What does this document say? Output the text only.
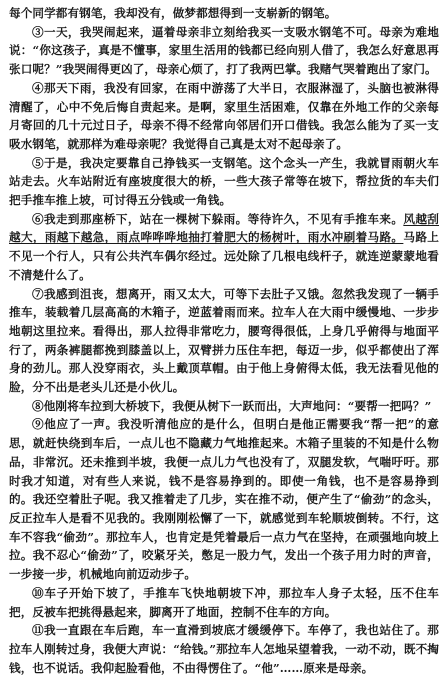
每个同学都有钢笔，我却没有，做梦都想得到一支崭新的钢笔。

③一天，我哭闹起来，逼着母亲非立刻给我买一支吸水钢笔不可。母亲为难地说：“你这孩子，真是不懂事，家里生活用的钱都已经向别人借了，我怎么好意思再张口呢？”我哭闹得更凶了，母亲心烦了，打了我两巴掌。我赌气哭着跑出了家门。

④那天下雨，我没有回家，在雨中游荡了大半日，衣服淋湿了，头脑也被淋得清醒了，心中不免后悔自责起来。是啊，家里生活困难，仅靠在外地工作的父亲每月寄回的几十元过日子，母亲不得不经常向邻居们开口借钱。我怎么能为了买一支吸水钢笔，就那样为难母亲呢？我觉得自己真是太对不起母亲了。

⑤于是，我决定要靠自己挣钱买一支钢笔。这个念头一产生，我就冒雨朝火车站走去。火车站附近有座坡度很大的桥，一些大孩子常等在坡下，帮拉货的车夫们把手推车推上坡，可讨得五分钱或一角钱。

⑥我走到那座桥下，站在一棵树下躲雨。等待许久，不见有手推车来。风越刮越大，雨越下越急，雨点哗哗哗地抽打着肥大的杨树叶，雨水冲刷着马路。马路上不见一个行人，只有公共汽车偶尔经过。远处除了几根电线杆子，就连逆蒙蒙地看不清楚什么了。

⑦我感到沮丧，想离开，雨又太大，可等下去肚子又饿。忽然我发现了一辆手推车，装载着几层高高的木箱子，逆蓝着雨而来。拉车人在大雨中缓慢地、一步步地朝这里拉来。看得出，那人拉得非常吃力，腰弯得很低，上身几乎俯得与地面平行了，两条裤腿都挽到膝盖以上，双臂拼力压住车把，每迈一步，似乎都使出了浑身的劲儿。那人没穿雨衣，头上戴顶草帽。由于他上身俯得太低，我无法看见他的脸，分不出是老头儿还是小伙儿。

⑧他刚将车拉到大桥坡下，我便从树下一跃而出，大声地问：“要帮一把吗？”

⑨他应了一声。我没听清他应的是什么，但明白是他正需要我“帮一把”的意思，就赶快绕到车后，一点儿也不隐藏力气地推起来。木箱子里装的不知是什么物品，非常沉。还未推到半坡，我便一点儿力气也没有了，双腿发软，气喘吁吁。那时我才知道，对有些人来说，钱不是容易挣到的。即使一角钱，也不是容易挣到的。我还空着肚子呢。我又推着走了几步，实在推不动，便产生了“偷劲”的念头，反正拉车人是看不见我的。我刚刚松懈了一下，就感觉到车轮顺坡倒转。不行，这车不容我“偷劲”。那拉车人，也肯定是凭着最后一点力气在坚持，在顽强地向坡上拉。我不忍心“偷劲”了，咬紧牙关，憋足一股力气，发出一个孩子用力时的声音，一步接一步，机械地向前迈动步子。

⑩车子开始下坡了，手推车飞快地朝坡下冲，那拉车人身子太轻，压不住车把，反被车把挑得悬起来，脚离开了地面，控制不住车的方向。

⑪我一直跟在车后跑，车一直滑到坡底才缓缓停下。车停了，我也站住了。那拉车人刚转过身，我便大声说：“给钱。”那拉车人怎地呆望着我，一动不动，既不掏钱，也不说话。我仰起脸看他，不由得愣住了。“他”……原来是母亲。
